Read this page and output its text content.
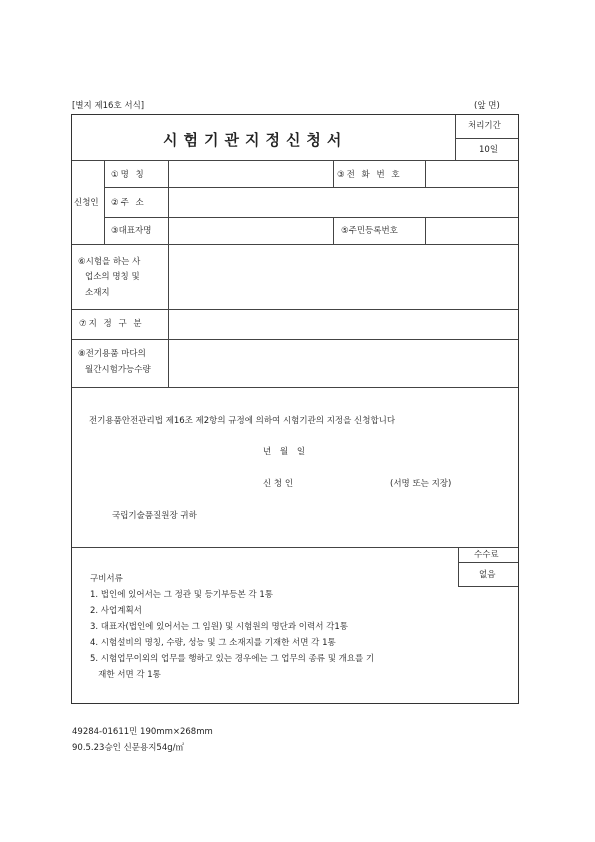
[별지 제16호 서식]	(앞 면)
시험기관지정신청서
처리기간
10일
신청인
①명 칭	③전 화 번 호
②주 소
③대표자명	⑤주민등록번호
⑥시험을 하는 사
업소의 명칭 및
소재지
⑦지 정 구 분
⑧전기용품 마다의
월간시험가능수량
전기용품안전관리법 제16조 제2항의 규정에 의하여 시험기관의 지정을 신청합니다
년 월 일
신 청 인	(서명 또는 지장)
국립기술품질원장 귀하
수수료
없음
구비서류
1. 법인에 있어서는 그 정관 및 등기부등본 각 1통
2. 사업계획서
3. 대표자(법인에 있어서는 그 임원) 및 시험원의 명단과 이력서 각1통
4. 시험설비의 명칭, 수량, 성능 및 그 소재지를 기재한 서면 각 1통
5. 시험업무이외의 업무를 행하고 있는 경우에는 그 업무의 종류 및 개요를 기
재한 서면 각 1통
49284-01611민 190mm×268mm
90.5.23승인 신문용지54g/㎡
